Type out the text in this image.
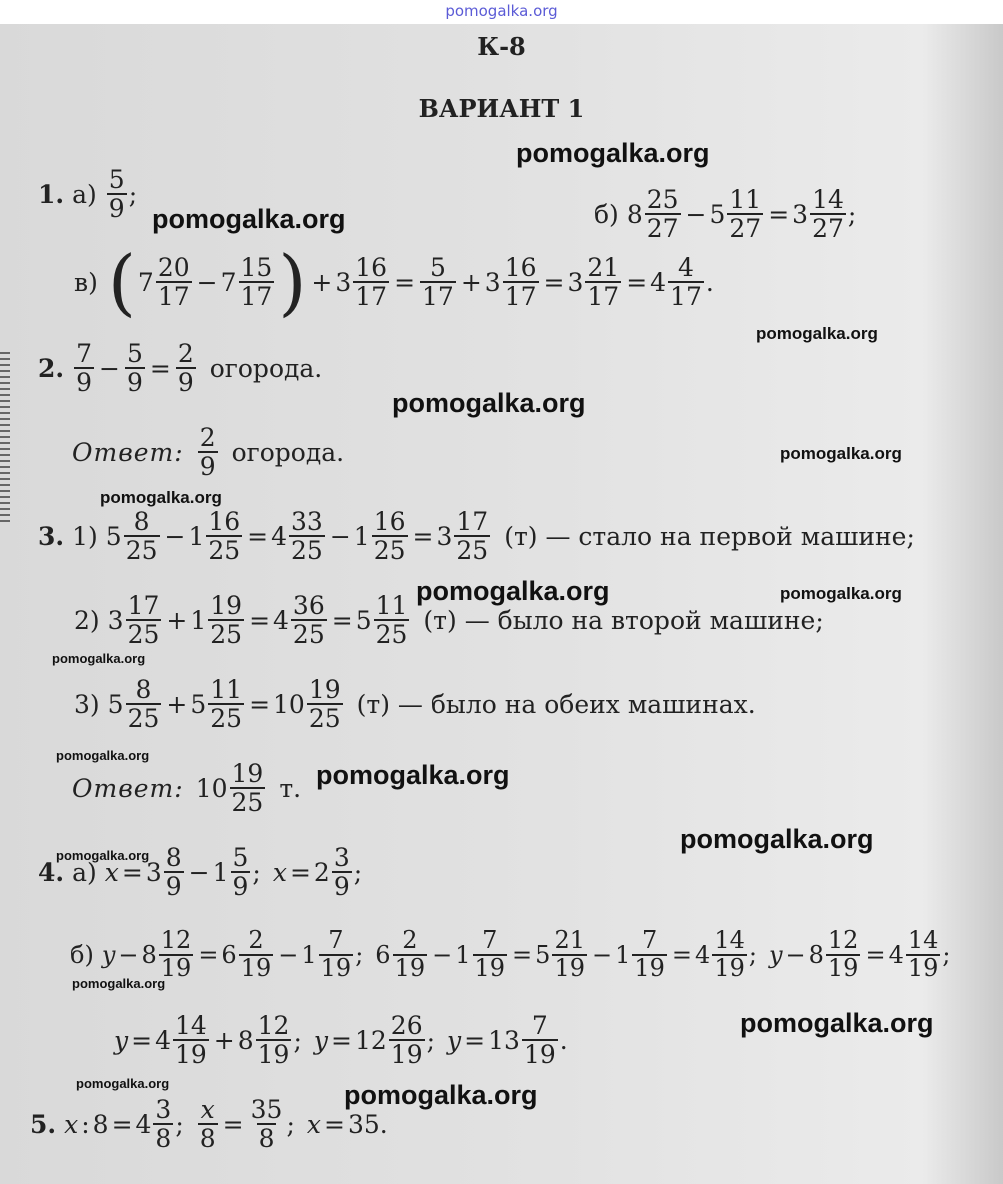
pomogalka.org
К-8
ВАРИАНТ 1
1. $а) \frac{5}{9}$ ;
б) $8 \frac{25}{27} - 5 \frac{11}{27} = 3 \frac{14}{27}$ ;
в) ( $7 \frac{20}{17} - 7 \frac{15}{17}$ ) + $3 \frac{16}{17} = \frac{5}{17} + 3 \frac{16}{17} = 3 \frac{21}{17} = 4 \frac{4}{17}$ .
2. $\frac{7}{9} - \frac{5}{9} = \frac{2}{9}$ огорода.
Ответ: $\frac{2}{9}$ огорода.
3. 1) $5 \frac{8}{25} - 1 \frac{16}{25} = 4 \frac{33}{25} - 1 \frac{16}{25} = 3 \frac{17}{25} (т)$ — стало на первой машине;
2) $3 \frac{17}{25} + 1 \frac{19}{25} = 4 \frac{36}{25} = 5 \frac{11}{25} (т)$ — было на второй машине;
3) $5 \frac{8}{25} + 5 \frac{11}{25} = 10 \frac{19}{25} (т)$ — было на обеих машинах.
Ответ: $10 \frac{19}{25} т$.
4. а) $x = 3 \frac{8}{9} - 1 \frac{5}{9}$ ; $x = 2 \frac{3}{9}$ ;
б) $y - 8 \frac{12}{19} = 6 \frac{2}{19} - 1 \frac{7}{19}$ ; $6 \frac{2}{19} - 1 \frac{7}{19} = 5 \frac{21}{19} - 1 \frac{7}{19} = 4 \frac{14}{19}$ ; $y - 8 \frac{12}{19} = 4 \frac{14}{19}$ ;
$y = 4 \frac{14}{19} + 8 \frac{12}{19}$ ; $y = 12 \frac{26}{19}$ ; $y = 13 \frac{7}{19}$ .
5. x : $8 = 4 \frac{3}{8}$ ; $\frac{x}{8} = \frac{35}{8}$ ; x = 35.
pomogalka.org
pomogalka.org
pomogalka.org
pomogalka.org
pomogalka.org
pomogalka.org
pomogalka.org	pomogalka.org
pomogalka.org
pomogalka.org
pomogalka.org
pomogalka.org
pomogalka.org
pomogalka.org
pomogalka.org
pomogalka.org	pomogalka.org
